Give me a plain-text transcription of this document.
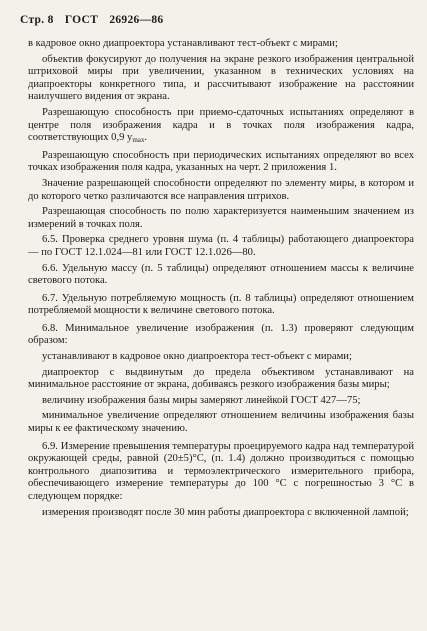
Стр. 8 ГОСТ 26926—86

в кадровое окно диапроектора устанавливают тест-объект с мирами;

объектив фокусируют до получения на экране резкого изображения центральной штриховой миры при увеличении, указанном в технических условиях на диапроекторы конкретного типа, и рассчитывают изображение на расстоянии наилучшего видения от экрана.

Разрешающую способность при приемо-сдаточных испытаниях определяют в центре поля изображения кадра и в точках поля изображения кадра, соответствующих 0,9 $y_{max}$.

Разрешающую способность при периодических испытаниях определяют во всех точках изображения поля кадра, указанных на черт. 2 приложения 1.

Значение разрешающей способности определяют по элементу миры, в котором и до которого четко различаются все направления штрихов.

Разрешающая способность по полю характеризуется наименьшим значением из измерений в точках поля.

6.5. Проверка среднего уровня шума (п. 4 таблицы) работающего диапроектора — по ГОСТ 12.1.024—81 или ГОСТ 12.1.026—80.

6.6. Удельную массу (п. 5 таблицы) определяют отношением массы к величине светового потока.

6.7. Удельную потребляемую мощность (п. 8 таблицы) определяют отношением потребляемой мощности к величине светового потока.

6.8. Минимальное увеличение изображения (п. 1.3) проверяют следующим образом:

устанавливают в кадровое окно диапроектора тест-объект с мирами;

диапроектор с выдвинутым до предела объективом устанавливают на минимальное расстояние от экрана, добиваясь резкого изображения базы миры;

величину изображения базы миры замеряют линейкой ГОСТ 427—75;

минимальное увеличение определяют отношением величины изображения базы миры к ее фактическому значению.

6.9. Измерение превышения температуры проецируемого кадра над температурой окружающей среды, равной (20±5)°С, (п. 1.4) должно производиться с помощью контрольного диапозитива и термоэлектрического измерительного прибора, обеспечивающего измерение температуры до 100 °С с погрешностью 3 °С в следующем порядке:

измерения производят после 30 мин работы диапроектора с включенной лампой;
